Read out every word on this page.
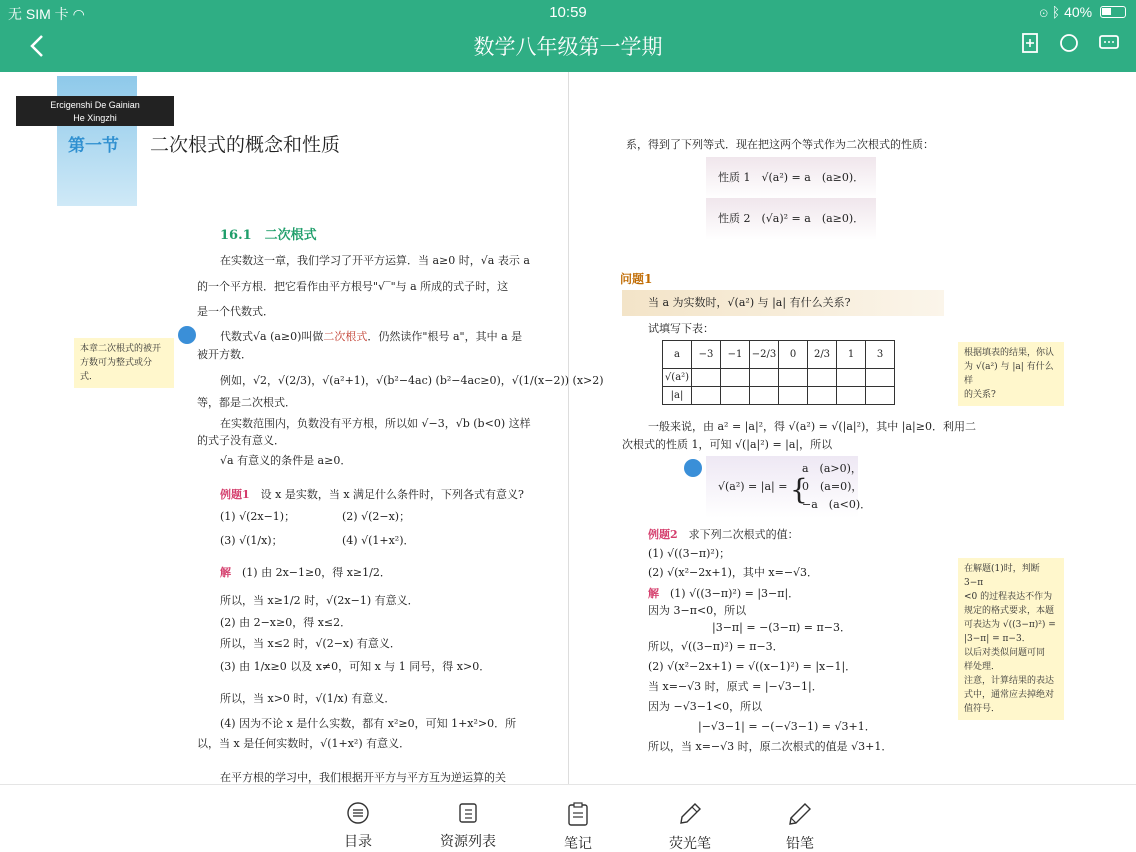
无 SIM 卡 ◠	10:59	⊙ ᛒ 40%
数学八年级第一学期
Ercigenshi De Gainian
He Xingzhi
第一节 二次根式的概念和性质
16.1　二次根式
在实数这一章，我们学习了开平方运算．当 a≥0 时，√a 表示 a
的一个平方根．把它看作由平方根号"√‾"与 a 所成的式子时，这
是一个代数式．
代数式√a (a≥0)叫做二次根式．仍然读作"根号 a"，其中 a 是
被开方数．
例如，√2，√(2/3)，√(a²+1)，√(b²−4ac) (b²−4ac≥0)，√(1/(x−2)) (x>2)
等，都是二次根式．
在实数范围内，负数没有平方根，所以如 √−3，√b (b<0) 这样
的式子没有意义．
√a 有意义的条件是 a≥0．
本章二次根式的被开
方数可为整式或分式．
例题1　设 x 是实数，当 x 满足什么条件时，下列各式有意义?
(1) √(2x−1)；	(2) √(2−x)；
(3) √(1/x)；	(4) √(1+x²)．
解　 (1) 由 2x−1≥0，得 x≥1/2．
所以，当 x≥1/2 时，√(2x−1) 有意义．
(2) 由 2−x≥0，得 x≤2．
所以，当 x≤2 时，√(2−x) 有意义．
(3) 由 1/x≥0 以及 x≠0，可知 x 与 1 同号，得 x>0．
所以，当 x>0 时，√(1/x) 有意义．
(4) 因为不论 x 是什么实数，都有 x²≥0，可知 1+x²>0．所
以，当 x 是任何实数时，√(1+x²) 有意义．
在平方根的学习中，我们根据开平方与平方互为逆运算的关
系，得到了下列等式．现在把这两个等式作为二次根式的性质：
性质 1　√(a²) = a　(a≥0)．
性质 2　(√a)² = a　(a≥0)．
问题1
当 a 为实数时，√(a²) 与 |a| 有什么关系?
试填写下表：
a	−3	−1	−2/3	0	2/3	1	3
√(a²)							
|a|							
根据填表的结果，你认
为 √(a²) 与 |a| 有什么样
的关系?
一般来说，由 a² = |a|²，得 √(a²) = √(|a|²)，其中 |a|≥0．利用二
次根式的性质 1，可知 √(|a|²) = |a|，所以
√(a²) = |a| = {
a　(a>0)，
0　(a=0)，
−a　(a<0)．
例题2　求下列二次根式的值：
(1) √((3−π)²)；
(2) √(x²−2x+1)，其中 x=−√3．
解　 (1) √((3−π)²) = |3−π|．
因为 3−π<0，所以
|3−π| = −(3−π) = π−3．
所以，√((3−π)²) = π−3．
(2) √(x²−2x+1) = √((x−1)²) = |x−1|．
当 x=−√3 时，原式 = |−√3−1|．
因为 −√3−1<0，所以
|−√3−1| = −(−√3−1) = √3+1．
所以，当 x=−√3 时，原二次根式的值是 √3+1．
在解题(1)时，判断 3−π
<0 的过程表达不作为
规定的格式要求，本题
可表达为 √((3−π)²) =
|3−π| = π−3．
以后对类似问题可同
样处理．
注意，计算结果的表达
式中，通常应去掉绝对
值符号．
目录	资源列表	笔记	荧光笔	铅笔
